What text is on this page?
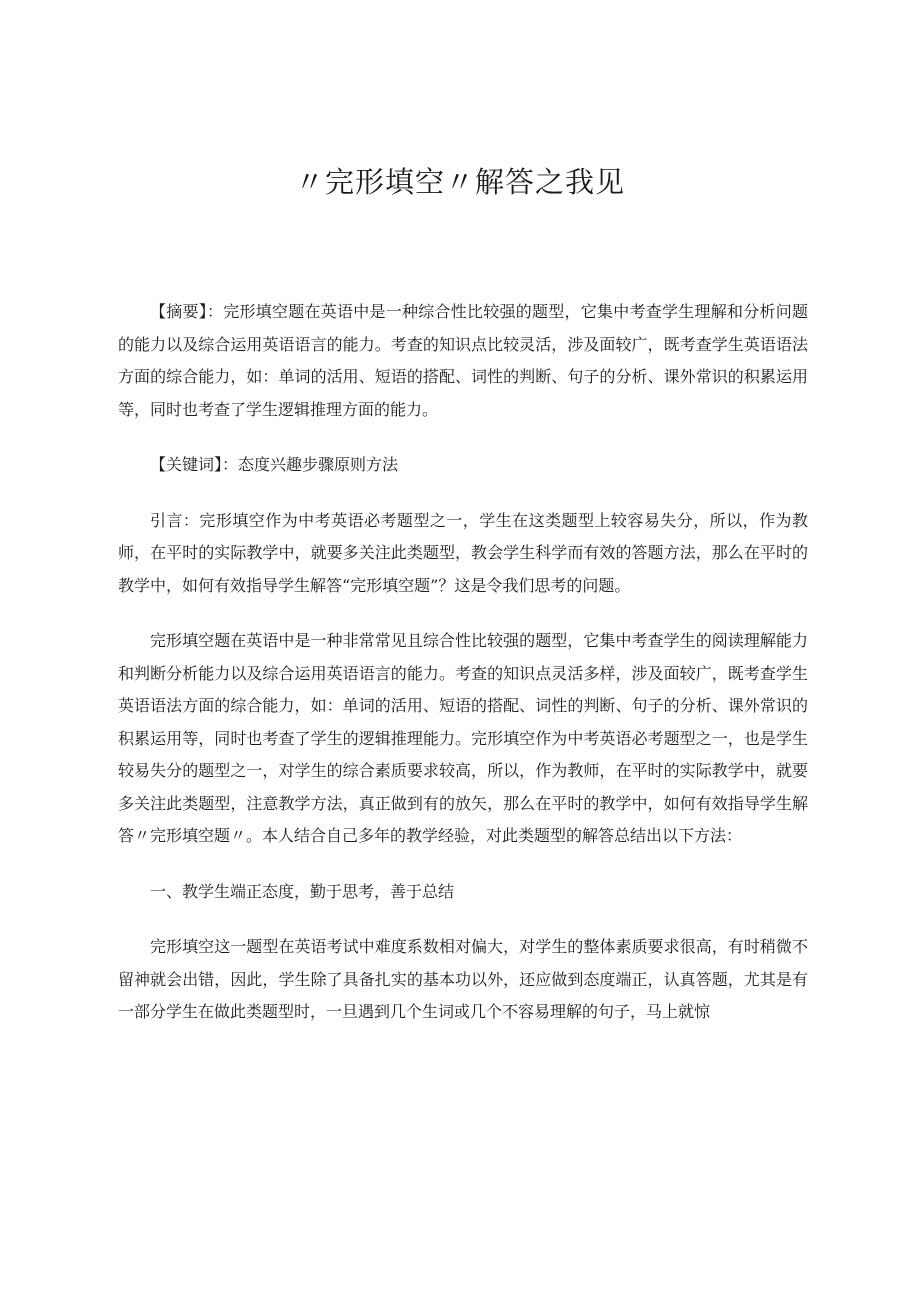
〃完形填空〃解答之我见

【摘要】：完形填空题在英语中是一种综合性比较强的题型，它集中考查学生理解和分析问题的能力以及综合运用英语语言的能力。考查的知识点比较灵活，涉及面较广，既考查学生英语语法方面的综合能力，如：单词的活用、短语的搭配、词性的判断、句子的分析、课外常识的积累运用等，同时也考查了学生逻辑推理方面的能力。

【关键词】：态度兴趣步骤原则方法

引言：完形填空作为中考英语必考题型之一，学生在这类题型上较容易失分，所以，作为教师，在平时的实际教学中，就要多关注此类题型，教会学生科学而有效的答题方法，那么在平时的教学中，如何有效指导学生解答“完形填空题”？这是令我们思考的问题。

完形填空题在英语中是一种非常常见且综合性比较强的题型，它集中考查学生的阅读理解能力和判断分析能力以及综合运用英语语言的能力。考查的知识点灵活多样，涉及面较广，既考查学生英语语法方面的综合能力，如：单词的活用、短语的搭配、词性的判断、句子的分析、课外常识的积累运用等，同时也考查了学生的逻辑推理能力。完形填空作为中考英语必考题型之一，也是学生较易失分的题型之一，对学生的综合素质要求较高，所以，作为教师，在平时的实际教学中，就要多关注此类题型，注意教学方法，真正做到有的放矢，那么在平时的教学中，如何有效指导学生解答〃完形填空题〃。本人结合自己多年的教学经验，对此类题型的解答总结出以下方法：

一、教学生端正态度，勤于思考，善于总结

完形填空这一题型在英语考试中难度系数相对偏大，对学生的整体素质要求很高，有时稍微不留神就会出错，因此，学生除了具备扎实的基本功以外，还应做到态度端正，认真答题，尤其是有一部分学生在做此类题型时，一旦遇到几个生词或几个不容易理解的句子，马上就惊
